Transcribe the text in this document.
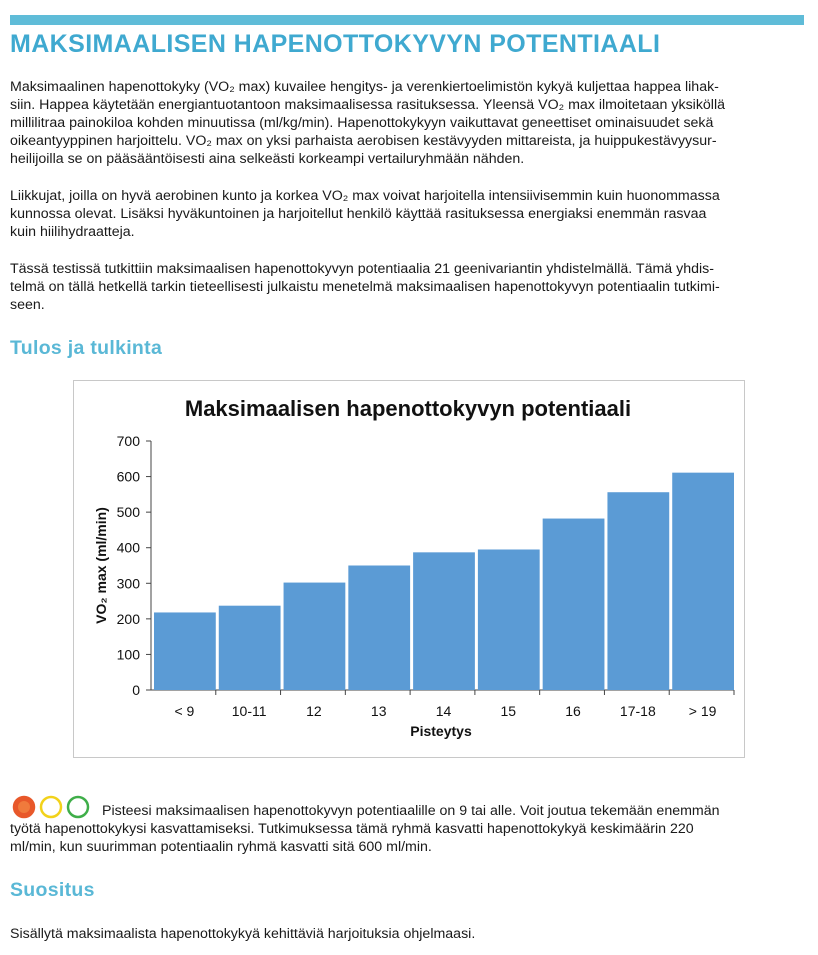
MAKSIMAALISEN HAPENOTTOKYVYN POTENTIAALI
Maksimaalinen hapenottokyky (VO₂ max) kuvailee hengitys- ja verenkiertoelimistön kykyä kuljettaa happea lihak-
siin. Happea käytetään energiantuotantoon maksimaalisessa rasituksessa. Yleensä VO₂ max ilmoitetaan yksiköllä
millilitraa painokiloa kohden minuutissa (ml/kg/min). Hapenottokykyyn vaikuttavat geneettiset ominaisuudet sekä
oikeantyyppinen harjoittelu. VO₂ max on yksi parhaista aerobisen kestävyyden mittareista, ja huippukestävyysur-
heilijoilla se on pääsääntöisesti aina selkeästi korkeampi vertailuryhmään nähden.
Liikkujat, joilla on hyvä aerobinen kunto ja korkea VO₂ max voivat harjoitella intensiivisemmin kuin huonommassa
kunnossa olevat. Lisäksi hyväkuntoinen ja harjoitellut henkilö käyttää rasituksessa energiaksi enemmän rasvaa
kuin hiilihydraatteja.
Tässä testissä tutkittiin maksimaalisen hapenottokyvyn potentiaalia 21 geenivariantin yhdistelmällä. Tämä yhdis-
telmä on tällä hetkellä tarkin tieteellisesti julkaistu menetelmä maksimaalisen hapenottokyvyn potentiaalin tutkimi-
seen.
Tulos ja tulkinta
Maksimaalisen hapenottokyvyn potentiaali
0
100
200
300
400
500
600
700
< 9	10-11	12	13	14	15	16	17-18 > 19
Pisteytys
VO₂ max (ml/min)
Pisteesi maksimaalisen hapenottokyvyn potentiaalille on 9 tai alle. Voit joutua tekemään enemmän
työtä hapenottokykysi kasvattamiseksi. Tutkimuksessa tämä ryhmä kasvatti hapenottokykyä keskimäärin 220
ml/min, kun suurimman potentiaalin ryhmä kasvatti sitä 600 ml/min.
Suositus

Sisällytä maksimaalista hapenottokykyä kehittäviä harjoituksia ohjelmaasi.
